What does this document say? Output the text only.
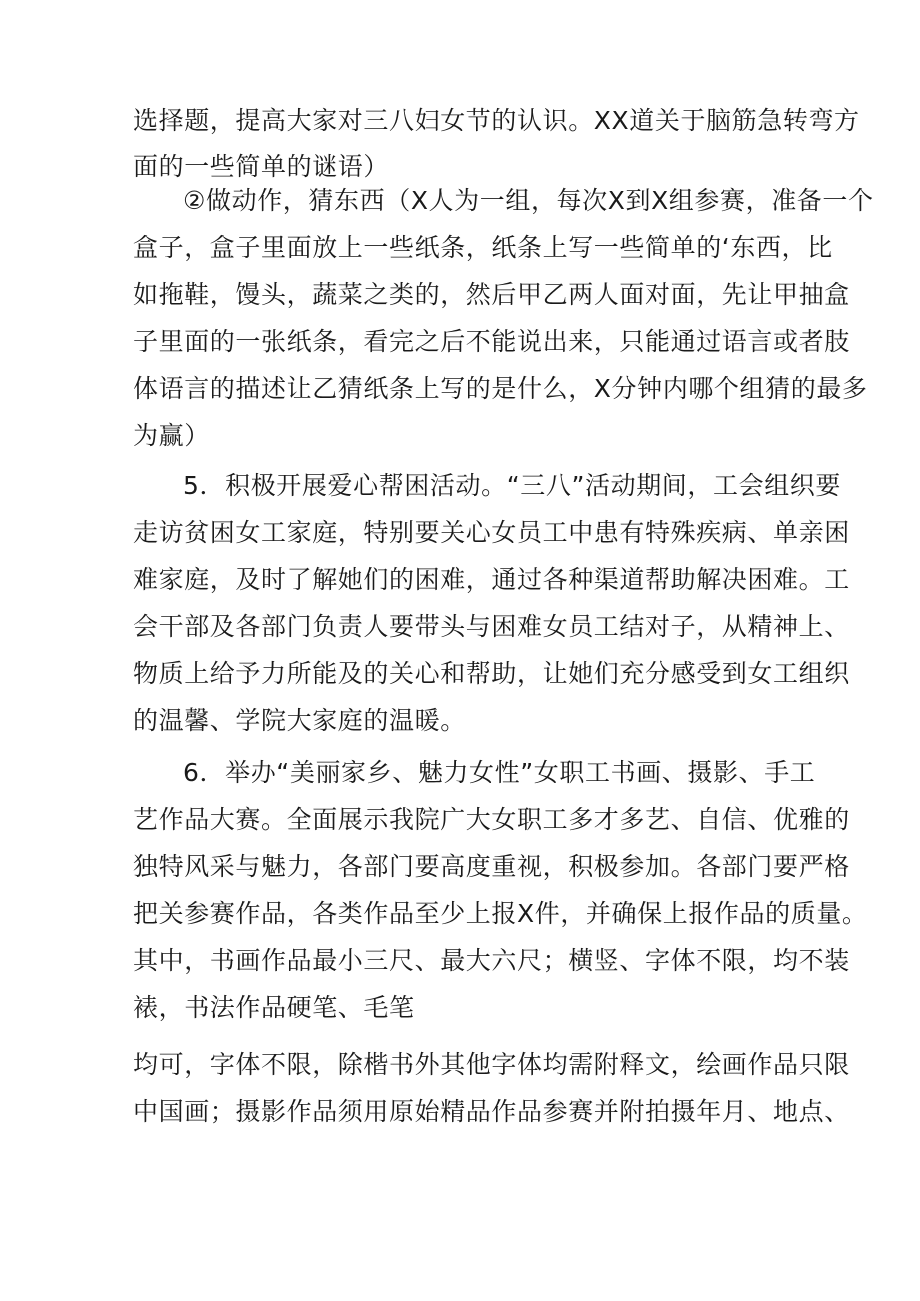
选择题，提高大家对三八妇女节的认识。XX道关于脑筋急转弯方
面的一些简单的谜语）
②做动作，猜东西（X人为一组，每次X到X组参赛，准备一个
盒子，盒子里面放上一些纸条，纸条上写一些简单的‘东西，比
如拖鞋，馒头，蔬菜之类的，然后甲乙两人面对面，先让甲抽盒
子里面的一张纸条，看完之后不能说出来，只能通过语言或者肢
体语言的描述让乙猜纸条上写的是什么，X分钟内哪个组猜的最多
为赢）
5．积极开展爱心帮困活动。“三八”活动期间，工会组织要
走访贫困女工家庭，特别要关心女员工中患有特殊疾病、单亲困
难家庭，及时了解她们的困难，通过各种渠道帮助解决困难。工
会干部及各部门负责人要带头与困难女员工结对子，从精神上、
物质上给予力所能及的关心和帮助，让她们充分感受到女工组织
的温馨、学院大家庭的温暖。
6．举办“美丽家乡、魅力女性”女职工书画、摄影、手工
艺作品大赛。全面展示我院广大女职工多才多艺、自信、优雅的
独特风采与魅力，各部门要高度重视，积极参加。各部门要严格
把关参赛作品，各类作品至少上报X件，并确保上报作品的质量。
其中，书画作品最小三尺、最大六尺；横竖、字体不限，均不装
裱，书法作品硬笔、毛笔
均可，字体不限，除楷书外其他字体均需附释文，绘画作品只限
中国画；摄影作品须用原始精品作品参赛并附拍摄年月、地点、
